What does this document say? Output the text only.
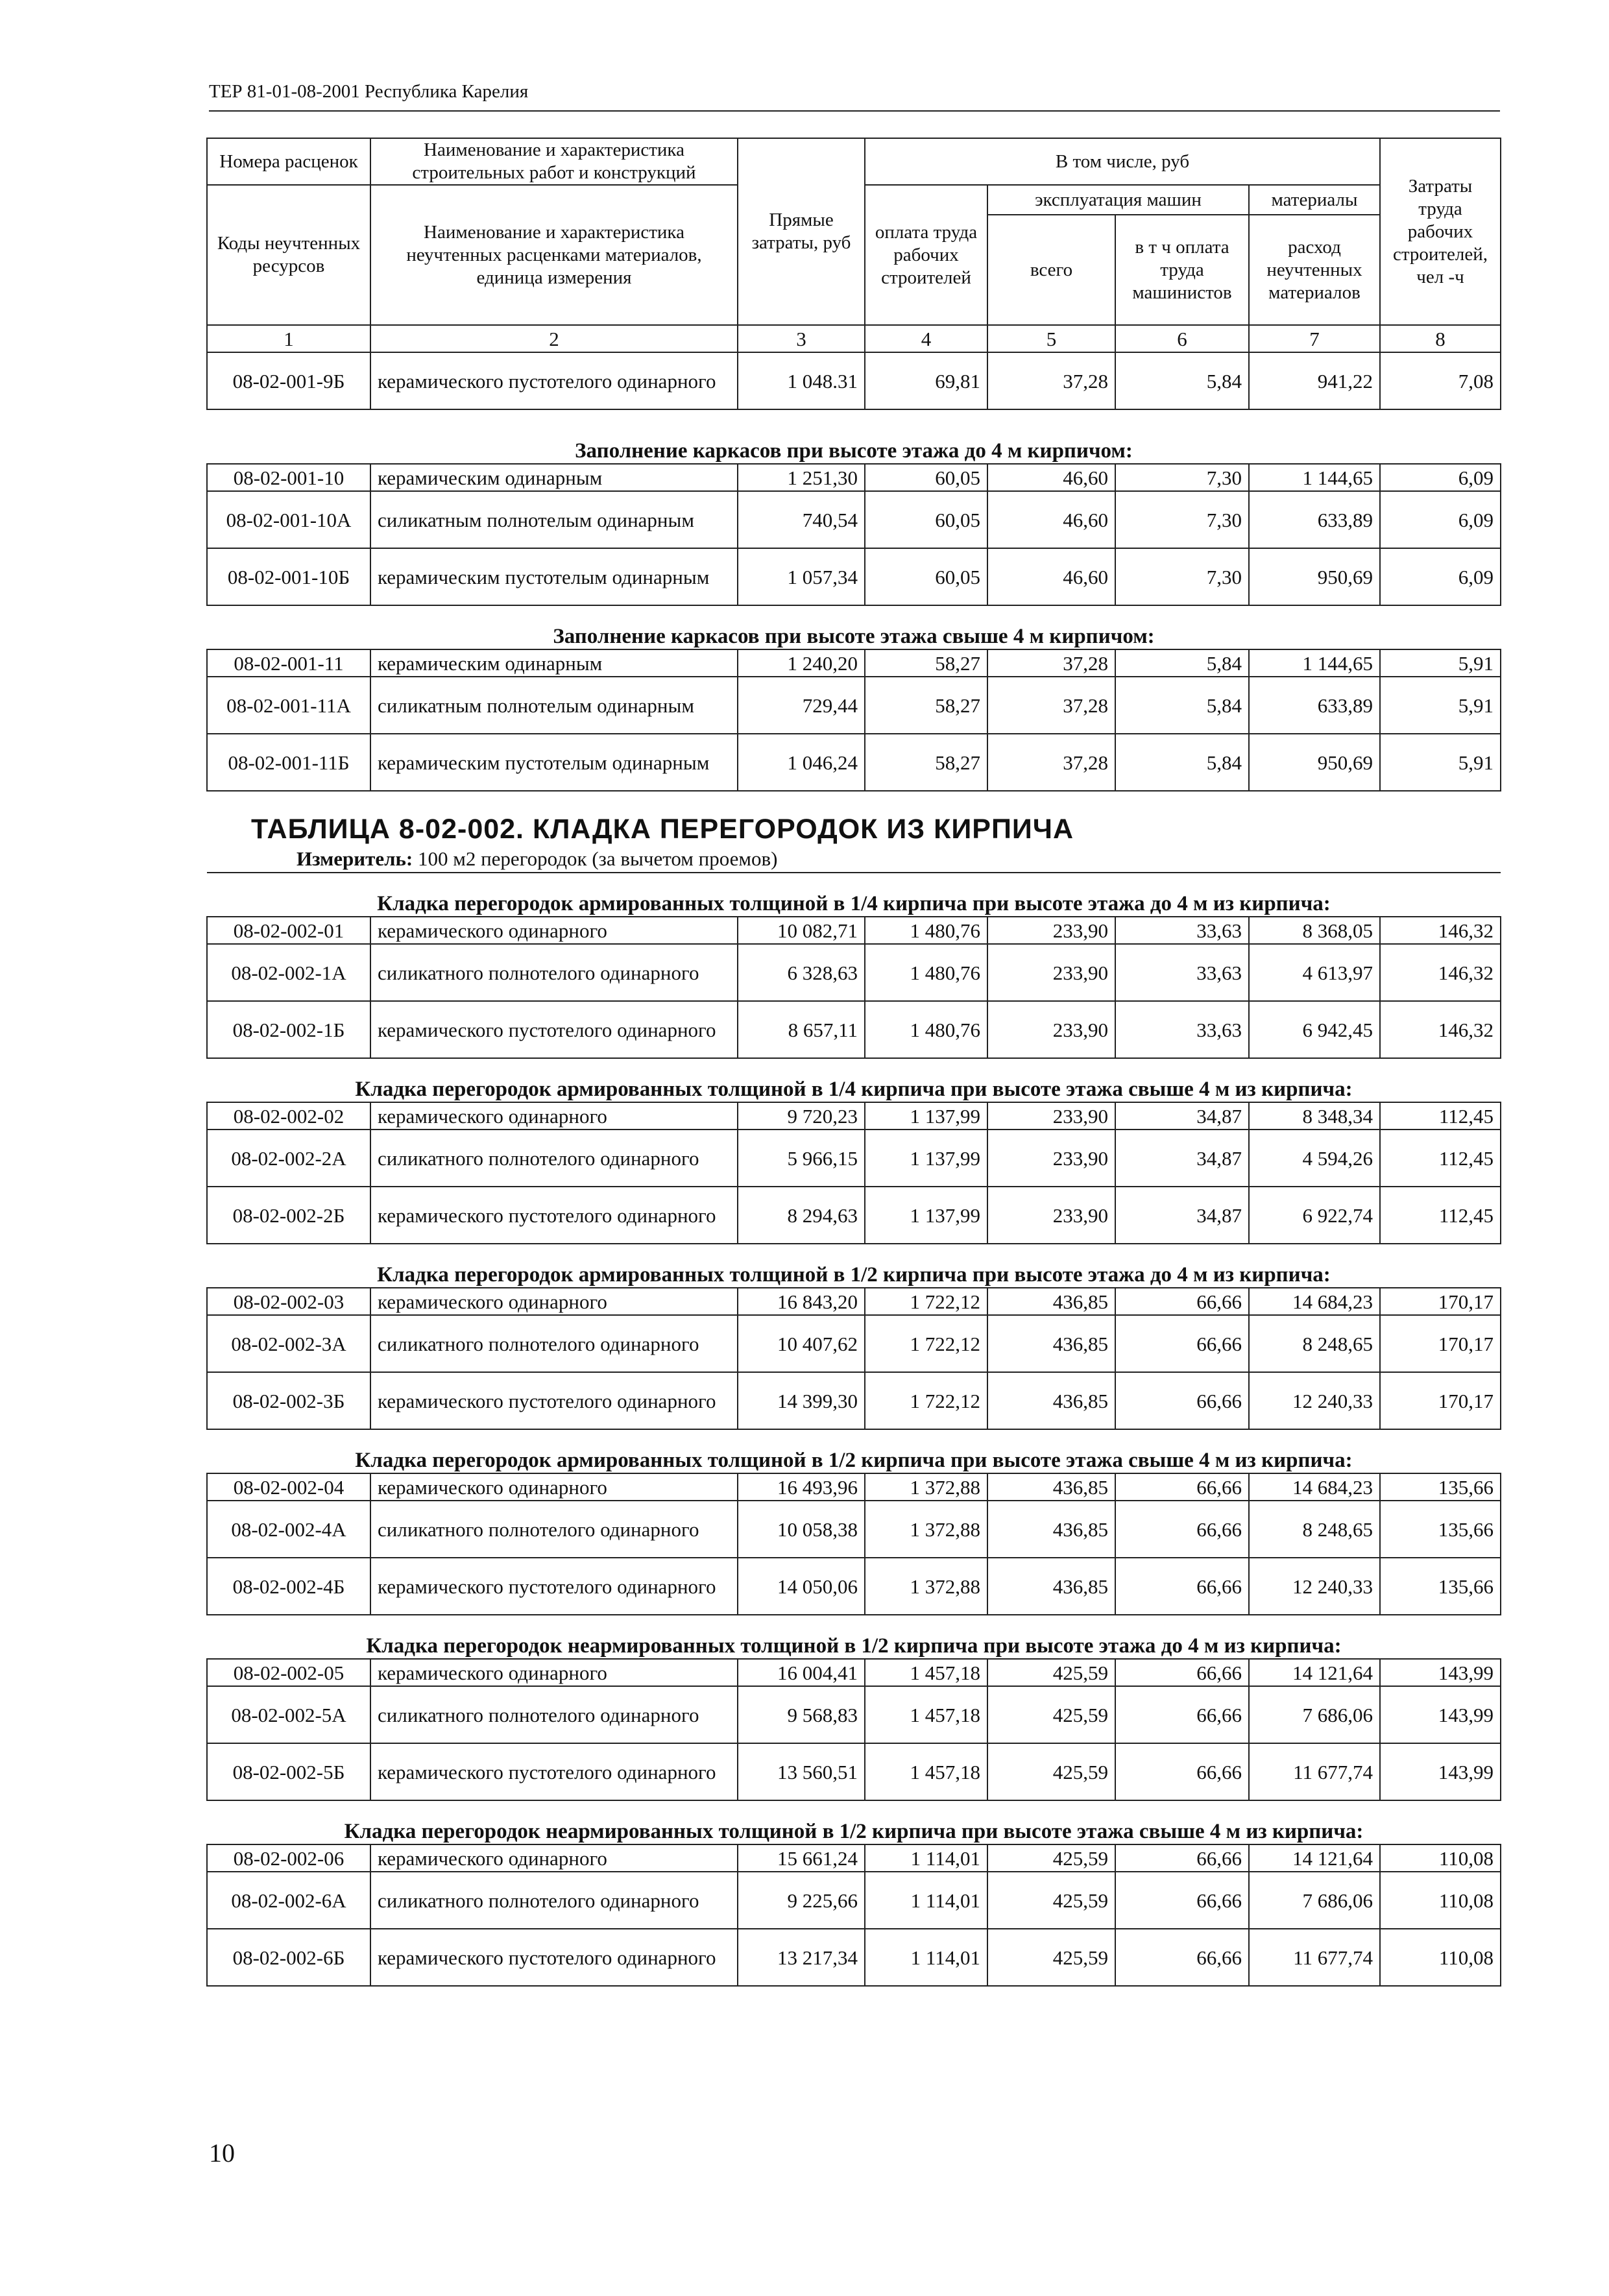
ТЕР 81-01-08-2001 Республика Карелия
Номера расценок	Наименование и характеристика строительных работ и конструкций	Прямые затраты, руб	В том числе, руб				Затраты труда рабочих строителей, чел -ч
Коды неучтенных ресурсов	Наименование и характеристика неучтенных расценками материалов, единица измерения		оплата труда рабочих строителей	эксплуатация машин		материалы	
				всего	в т ч оплата труда машинистов	расход неучтенных материалов	
1	2	3	4	5	6	7	8
08-02-001-9Б	керамического пустотелого одинарного	1 048.31	69,81	37,28	5,84	941,22	7,08
Заполнение каркасов при высоте этажа до 4 м кирпичом:							
08-02-001-10	керамическим одинарным	1 251,30	60,05	46,60	7,30	1 144,65	6,09
08-02-001-10А	силикатным полнотелым одинарным	740,54	60,05	46,60	7,30	633,89	6,09
08-02-001-10Б	керамическим пустотелым одинарным	1 057,34	60,05	46,60	7,30	950,69	6,09
Заполнение каркасов при высоте этажа свыше 4 м кирпичом:							
08-02-001-11	керамическим одинарным	1 240,20	58,27	37,28	5,84	1 144,65	5,91
08-02-001-11А	силикатным полнотелым одинарным	729,44	58,27	37,28	5,84	633,89	5,91
08-02-001-11Б	керамическим пустотелым одинарным	1 046,24	58,27	37,28	5,84	950,69	5,91

ТАБЛИЦА 8-02-002. КЛАДКА ПЕРЕГОРОДОК ИЗ КИРПИЧА
Измеритель: 100 м2 перегородок (за вычетом проемов)							

Кладка перегородок армированных толщиной в 1/4 кирпича при высоте этажа до 4 м из кирпича:							
08-02-002-01	керамического одинарного	10 082,71	1 480,76	233,90	33,63	8 368,05	146,32
08-02-002-1А	силикатного полнотелого одинарного	6 328,63	1 480,76	233,90	33,63	4 613,97	146,32
08-02-002-1Б	керамического пустотелого одинарного	8 657,11	1 480,76	233,90	33,63	6 942,45	146,32
Кладка перегородок армированных толщиной в 1/4 кирпича при высоте этажа свыше 4 м из кирпича:							
08-02-002-02	керамического одинарного	9 720,23	1 137,99	233,90	34,87	8 348,34	112,45
08-02-002-2А	силикатного полнотелого одинарного	5 966,15	1 137,99	233,90	34,87	4 594,26	112,45
08-02-002-2Б	керамического пустотелого одинарного	8 294,63	1 137,99	233,90	34,87	6 922,74	112,45
Кладка перегородок армированных толщиной в 1/2 кирпича при высоте этажа до 4 м из кирпича:							
08-02-002-03	керамического одинарного	16 843,20	1 722,12	436,85	66,66	14 684,23	170,17
08-02-002-3А	силикатного полнотелого одинарного	10 407,62	1 722,12	436,85	66,66	8 248,65	170,17
08-02-002-3Б	керамического пустотелого одинарного	14 399,30	1 722,12	436,85	66,66	12 240,33	170,17
Кладка перегородок армированных толщиной в 1/2 кирпича при высоте этажа свыше 4 м из кирпича:							
08-02-002-04	керамического одинарного	16 493,96	1 372,88	436,85	66,66	14 684,23	135,66
08-02-002-4А	силикатного полнотелого одинарного	10 058,38	1 372,88	436,85	66,66	8 248,65	135,66
08-02-002-4Б	керамического пустотелого одинарного	14 050,06	1 372,88	436,85	66,66	12 240,33	135,66
Кладка перегородок неармированных толщиной в 1/2 кирпича при высоте этажа до 4 м из кирпича:							
08-02-002-05	керамического одинарного	16 004,41	1 457,18	425,59	66,66	14 121,64	143,99
08-02-002-5А	силикатного полнотелого одинарного	9 568,83	1 457,18	425,59	66,66	7 686,06	143,99
08-02-002-5Б	керамического пустотелого одинарного	13 560,51	1 457,18	425,59	66,66	11 677,74	143,99
Кладка перегородок неармированных толщиной в 1/2 кирпича при высоте этажа свыше 4 м из кирпича:							
08-02-002-06	керамического одинарного	15 661,24	1 114,01	425,59	66,66	14 121,64	110,08
08-02-002-6А	силикатного полнотелого одинарного	9 225,66	1 114,01	425,59	66,66	7 686,06	110,08
08-02-002-6Б	керамического пустотелого одинарного	13 217,34	1 114,01	425,59	66,66	11 677,74	110,08
10
